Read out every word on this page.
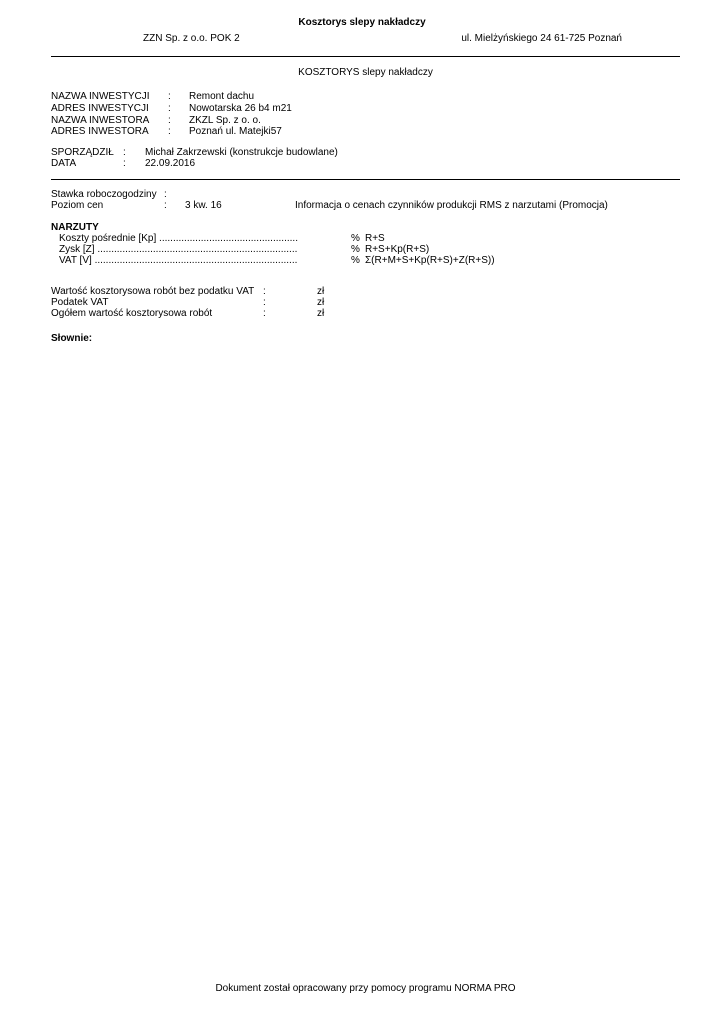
Kosztorys slepy nakładczy
ZZN Sp. z o.o. POK 2	ul. Mielżyńskiego 24 61-725 Poznań
KOSZTORYS slepy nakładczy
NAZWA INWESTYCJI : Remont dachu
ADRES INWESTYCJI : Nowotarska 26 b4 m21
NAZWA INWESTORA : ZKZL Sp. z o. o.
ADRES INWESTORA : Poznań ul. Matejki57
SPORZĄDZIŁ : Michał Zakrzewski (konstrukcje budowlane)
DATA	: 22.09.2016
Stawka roboczogodziny :
Poziom cen	: 3 kw. 16	Informacja o cenach czynników produkcji RMS z narzutami (Promocja)
NARZUTY
Koszty pośrednie [Kp] ..................................................	% R+S
Zysk [Z] ........................................................................	% R+S+Kp(R+S)
VAT [V] .........................................................................	% Σ(R+M+S+Kp(R+S)+Z(R+S))
Wartość kosztorysowa robót bez podatku VAT :	zł
Podatek VAT	:	zł
Ogółem wartość kosztorysowa robót	:	zł
Słownie:
Dokument został opracowany przy pomocy programu NORMA PRO
